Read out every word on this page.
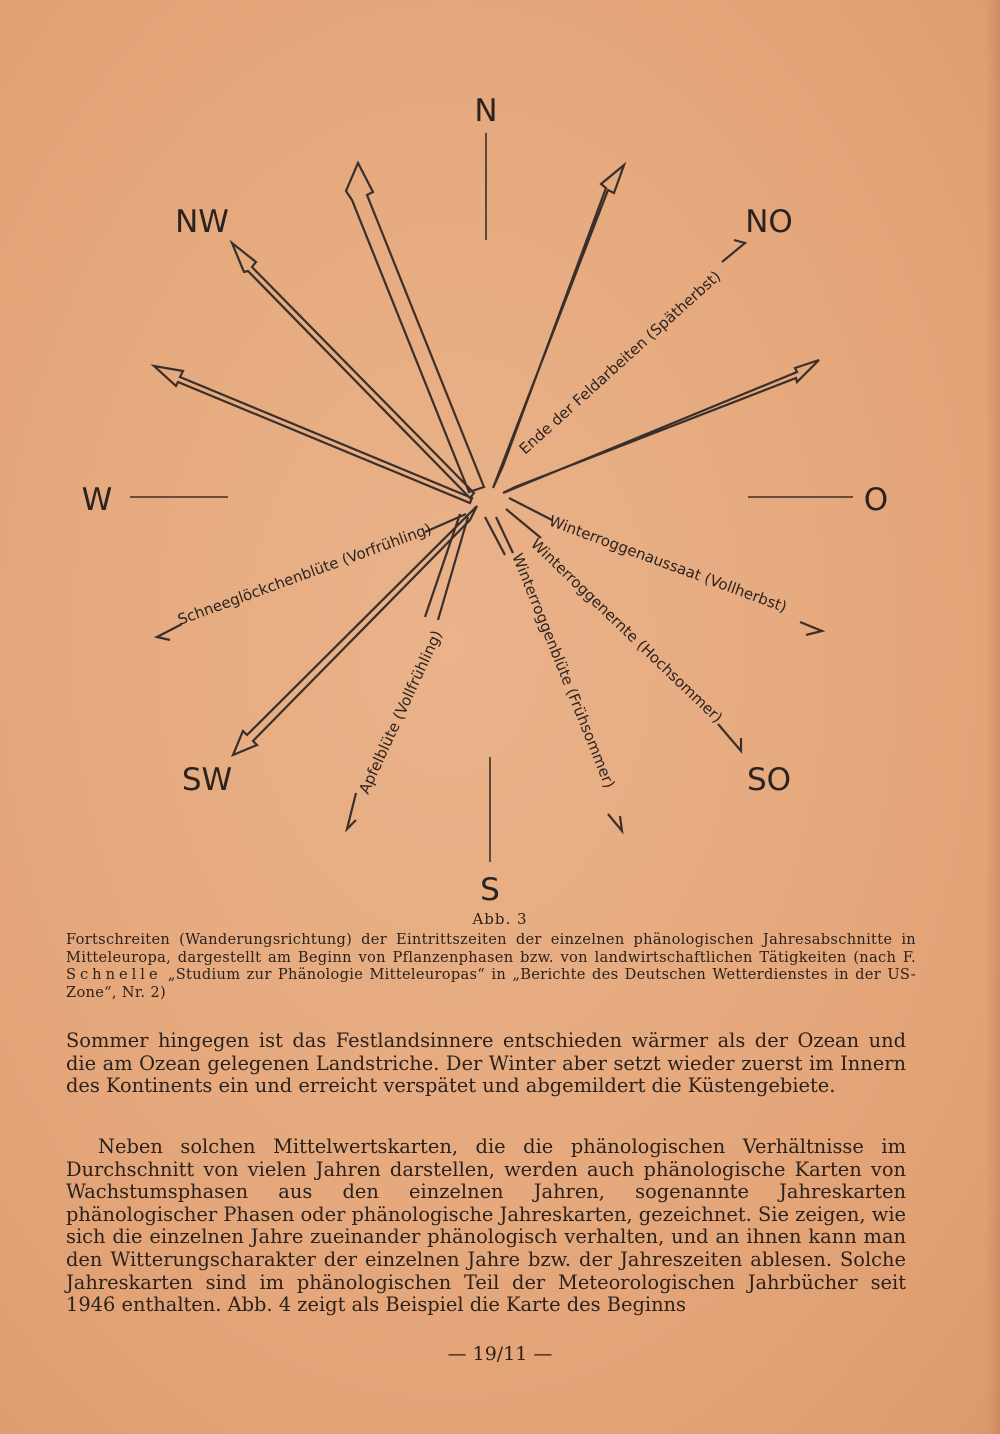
N
NO
O
SO
S
SW
W
NW
Ende der Feldarbeiten (Spätherbst)
Winterroggenaussaat (Vollherbst)
Winterroggenernte (Hochsommer)
Winterroggenblüte (Frühsommer)
Apfelblüte (Vollfrühling)
Schneeglöckchenblüte (Vorfrühling)
Abb. 3
Fortschreiten (Wanderungsrichtung) der Eintrittszeiten der einzelnen phänologischen Jahresabschnitte in Mitteleuropa, dargestellt am Beginn von Pflanzenphasen bzw. von landwirtschaftlichen Tätigkeiten (nach F. Schnelle „Studium zur Phänologie Mitteleuropas“ in „Berichte des Deutschen Wetterdienstes in der US-Zone“, Nr. 2)

Sommer hingegen ist das Festlandsinnere entschieden wärmer als der Ozean und die am Ozean gelegenen Landstriche. Der Winter aber setzt wieder zuerst im Innern des Kontinents ein und erreicht verspätet und abgemildert die Küstengebiete.

Neben solchen Mittelwertskarten, die die phänologischen Verhältnisse im Durchschnitt von vielen Jahren darstellen, werden auch phänologische Karten von Wachstumsphasen aus den einzelnen Jahren, sogenannte Jahreskarten phänologischer Phasen oder phänologische Jahreskarten, gezeichnet. Sie zeigen, wie sich die einzelnen Jahre zueinander phänologisch verhalten, und an ihnen kann man den Witterungscharakter der einzelnen Jahre bzw. der Jahreszeiten ablesen. Solche Jahreskarten sind im phänologischen Teil der Meteorologischen Jahrbücher seit 1946 enthalten. Abb. 4 zeigt als Beispiel die Karte des Beginns

— 19/11 —
